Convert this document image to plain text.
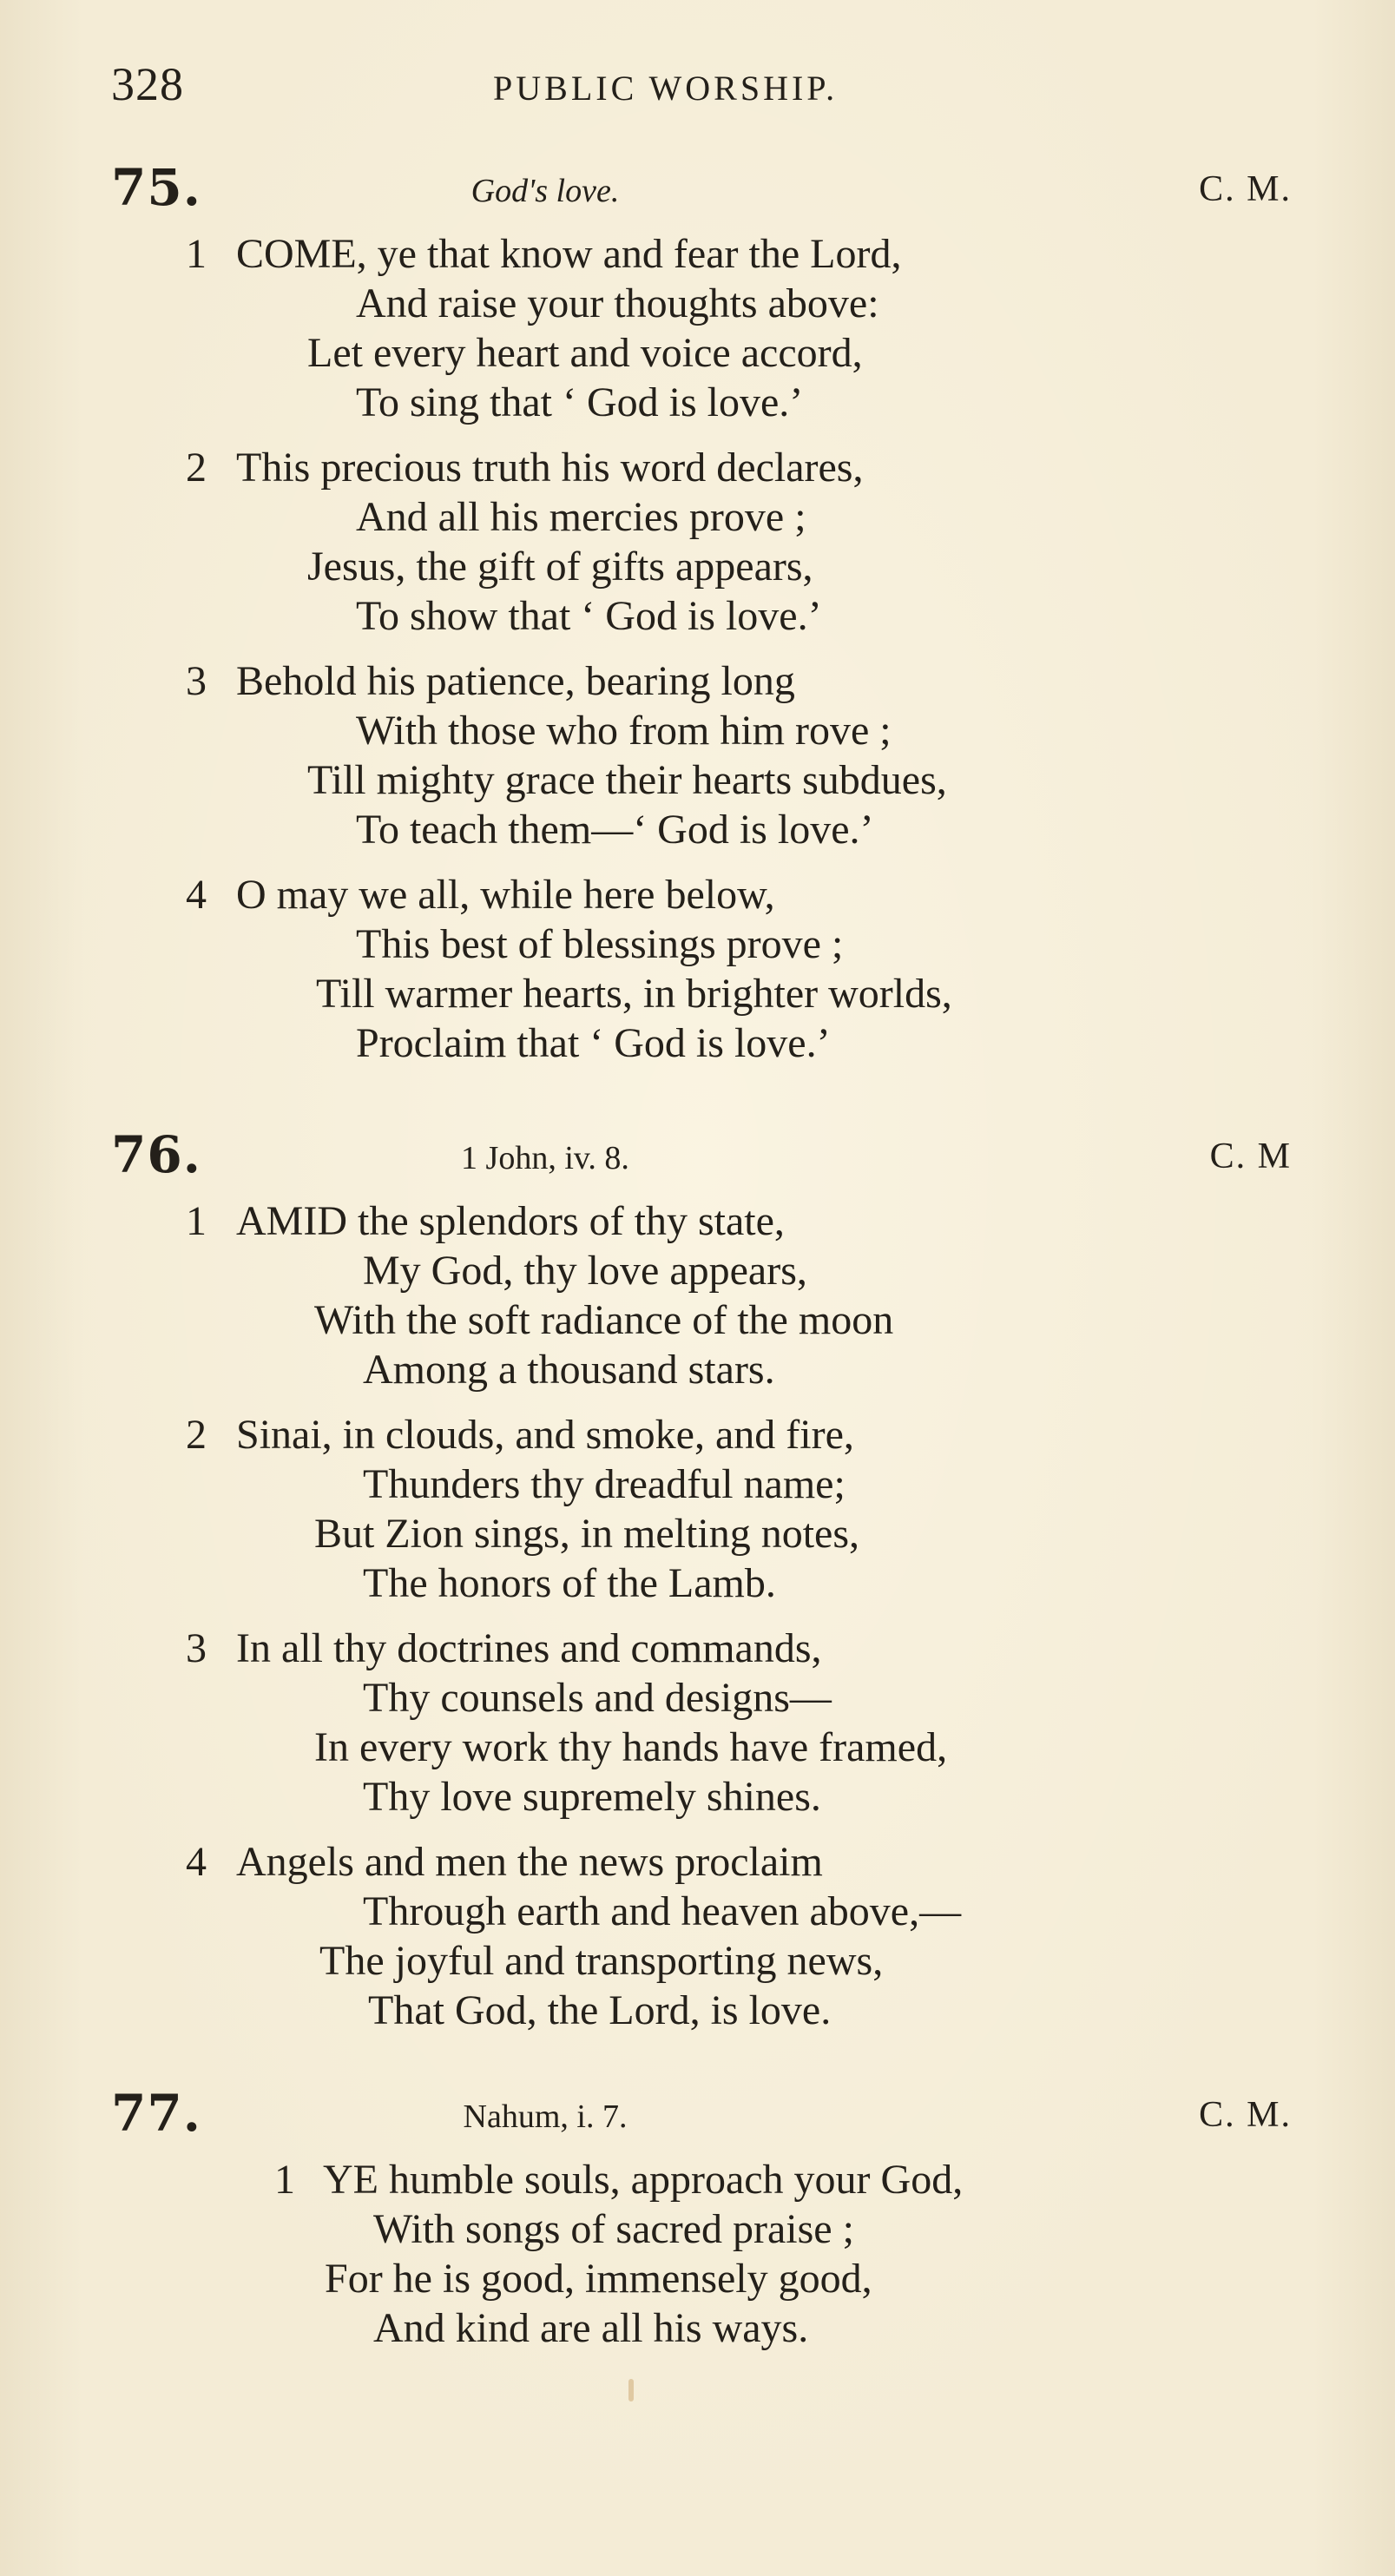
328	PUBLIC WORSHIP.
75.	God's love.	C. M.
1 COME, ye that know and fear the Lord,
And raise your thoughts above:
Let every heart and voice accord,
To sing that ‘ God is love.’
2 This precious truth his word declares,
And all his mercies prove ;
Jesus, the gift of gifts appears,
To show that ‘ God is love.’
3 Behold his patience, bearing long
With those who from him rove ;
Till mighty grace their hearts subdues,
To teach them—‘ God is love.’
4 O may we all, while here below,
This best of blessings prove ;
Till warmer hearts, in brighter worlds,
Proclaim that ‘ God is love.’
76.	1 John, iv. 8.	C. M
1 AMID the splendors of thy state,
My God, thy love appears,
With the soft radiance of the moon
Among a thousand stars.
2 Sinai, in clouds, and smoke, and fire,
Thunders thy dreadful name;
But Zion sings, in melting notes,
The honors of the Lamb.
3 In all thy doctrines and commands,
Thy counsels and designs—
In every work thy hands have framed,
Thy love supremely shines.
4 Angels and men the news proclaim
Through earth and heaven above,—
The joyful and transporting news,
That God, the Lord, is love.
77.	Nahum, i. 7.	C. M.
1 YE humble souls, approach your God,
With songs of sacred praise ;
For he is good, immensely good,
And kind are all his ways.
